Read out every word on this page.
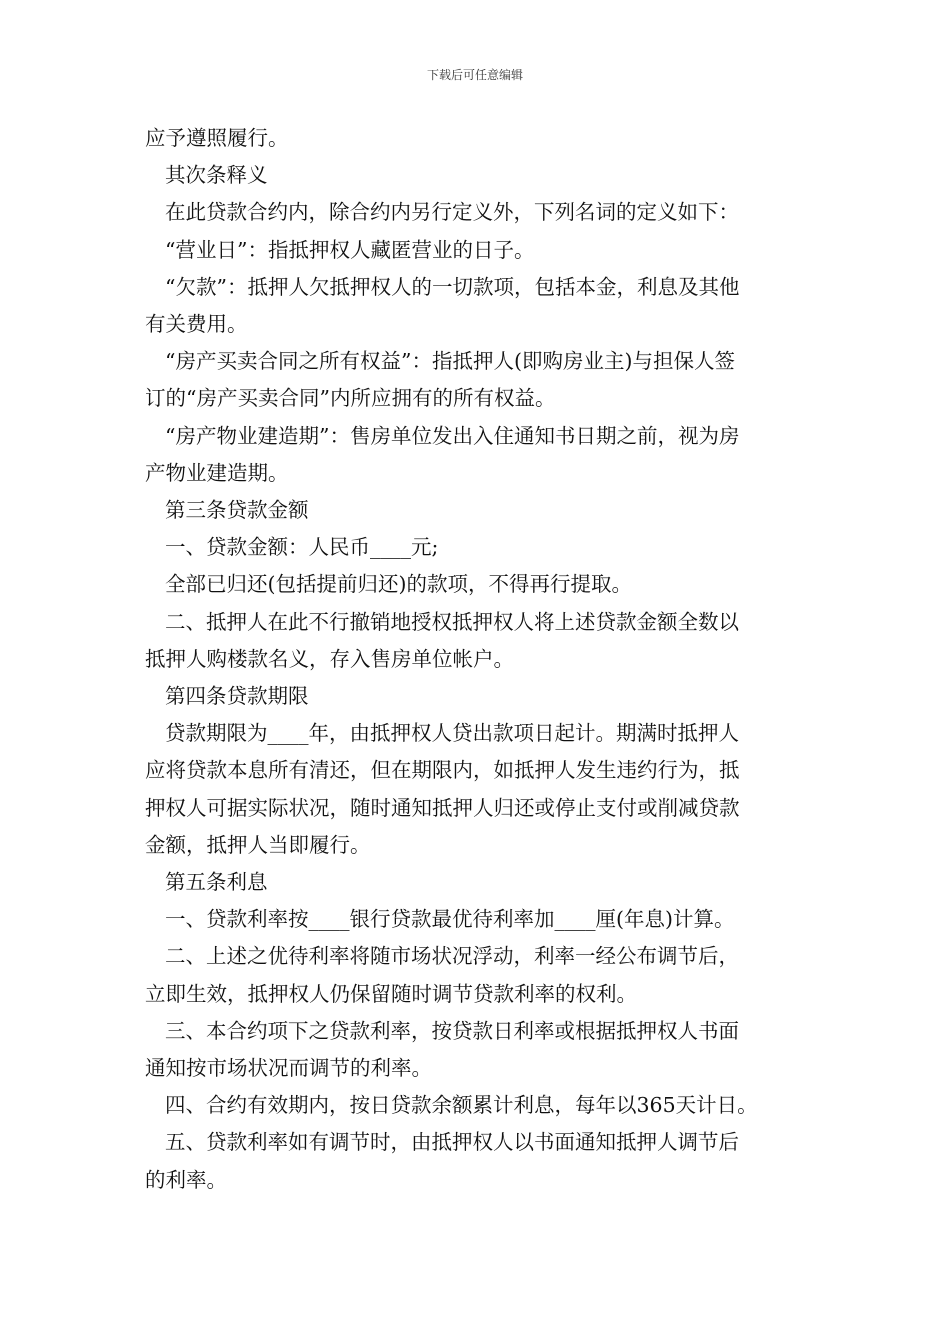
下载后可任意编辑

应予遵照履行。

其次条释义

在此贷款合约内，除合约内另行定义外，下列名词的定义如下：

“营业日”：指抵押权人藏匿营业的日子。

“欠款”：抵押人欠抵押权人的一切款项，包括本金，利息及其他

有关费用。

“房产买卖合同之所有权益”：指抵押人(即购房业主)与担保人签

订的“房产买卖合同”内所应拥有的所有权益。

“房产物业建造期”：售房单位发出入住通知书日期之前，视为房

产物业建造期。

第三条贷款金额

一、贷款金额：人民币____元;

全部已归还(包括提前归还)的款项，不得再行提取。

二、抵押人在此不行撤销地授权抵押权人将上述贷款金额全数以

抵押人购楼款名义，存入售房单位帐户。

第四条贷款期限

贷款期限为____年，由抵押权人贷出款项日起计。期满时抵押人

应将贷款本息所有清还，但在期限内，如抵押人发生违约行为，抵

押权人可据实际状况，随时通知抵押人归还或停止支付或削减贷款

金额，抵押人当即履行。

第五条利息

一、贷款利率按____银行贷款最优待利率加____厘(年息)计算。

二、上述之优待利率将随市场状况浮动，利率一经公布调节后，

立即生效，抵押权人仍保留随时调节贷款利率的权利。

三、本合约项下之贷款利率，按贷款日利率或根据抵押权人书面

通知按市场状况而调节的利率。

四、合约有效期内，按日贷款余额累计利息，每年以365天计日。

五、贷款利率如有调节时，由抵押权人以书面通知抵押人调节后

的利率。
